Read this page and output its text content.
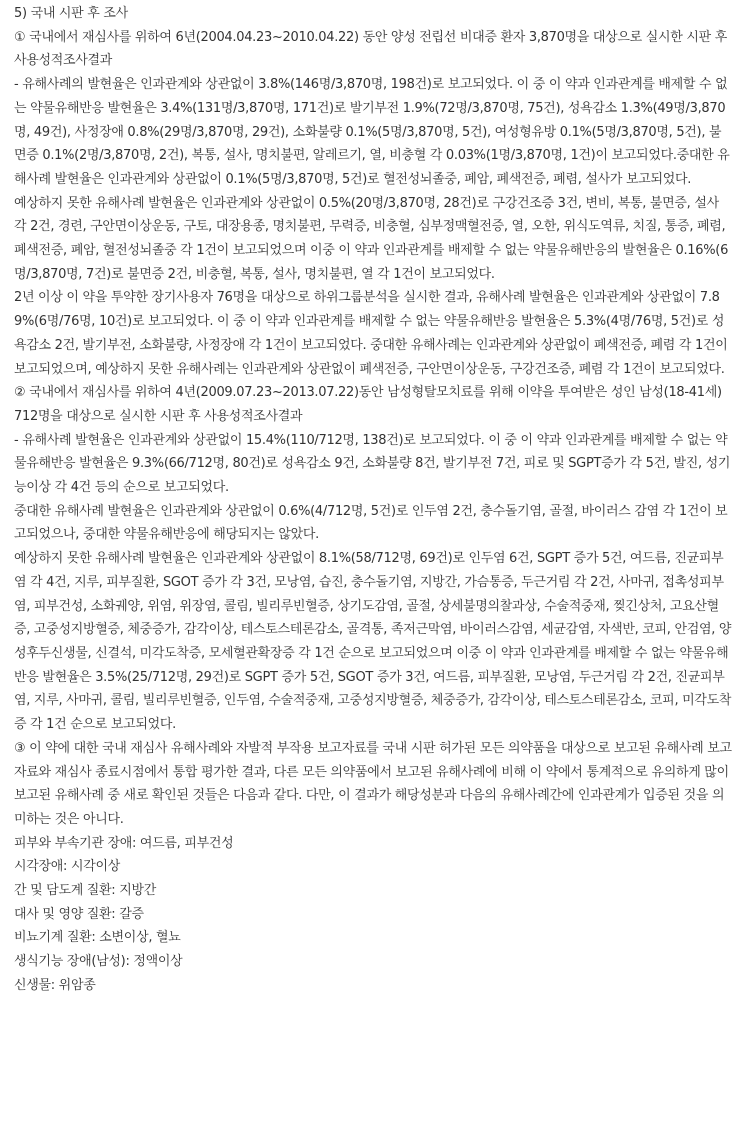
5) 국내 시판 후 조사

① 국내에서 재심사를 위하여 6년(2004.04.23~2010.04.22) 동안 양성 전립선 비대증 환자 3,870명을 대상으로 실시한 시판 후 사용성적조사결과

- 유해사례의 발현율은 인과관계와 상관없이 3.8%(146명/3,870명, 198건)로 보고되었다. 이 중 이 약과 인과관계를 배제할 수 없는 약물유해반응 발현율은 3.4%(131명/3,870명, 171건)로 발기부전 1.9%(72명/3,870명, 75건), 성욕감소 1.3%(49명/3,870명, 49건), 사정장애 0.8%(29명/3,870명, 29건), 소화불량 0.1%(5명/3,870명, 5건), 여성형유방 0.1%(5명/3,870명, 5건), 불면증 0.1%(2명/3,870명, 2건), 복통, 설사, 명치불편, 알레르기, 열, 비충혈 각 0.03%(1명/3,870명, 1건)이 보고되었다.중대한 유해사례 발현율은 인과관계와 상관없이 0.1%(5명/3,870명, 5건)로 혈전성뇌졸중, 폐암, 폐색전증, 폐렴, 설사가 보고되었다.

예상하지 못한 유해사례 발현율은 인과관계와 상관없이 0.5%(20명/3,870명, 28건)로 구강건조증 3건, 변비, 복통, 불면증, 설사 각 2건, 경련, 구안면이상운동, 구토, 대장용종, 명치불편, 무력증, 비충혈, 심부정맥혈전증, 열, 오한, 위식도역류, 치질, 통증, 폐렴, 폐색전증, 폐암, 혈전성뇌졸중 각 1건이 보고되었으며 이중 이 약과 인과관계를 배제할 수 없는 약물유해반응의 발현율은 0.16%(6명/3,870명, 7건)로 불면증 2건, 비충혈, 복통, 설사, 명치불편, 열 각 1건이 보고되었다.

2년 이상 이 약을 투약한 장기사용자 76명을 대상으로 하위그룹분석을 실시한 결과, 유해사례 발현율은 인과관계와 상관없이 7.89%(6명/76명, 10건)로 보고되었다. 이 중 이 약과 인과관계를 배제할 수 없는 약물유해반응 발현율은 5.3%(4명/76명, 5건)로 성욕감소 2건, 발기부전, 소화불량, 사정장애 각 1건이 보고되었다. 중대한 유해사례는 인과관계와 상관없이 폐색전증, 폐렴 각 1건이 보고되었으며, 예상하지 못한 유해사례는 인과관계와 상관없이 폐색전증, 구안면이상운동, 구강건조증, 폐렴 각 1건이 보고되었다.

② 국내에서 재심사를 위하여 4년(2009.07.23~2013.07.22)동안 남성형탈모치료를 위해 이약을 투여받은 성인 남성(18-41세) 712명을 대상으로 실시한 시판 후 사용성적조사결과

- 유해사례 발현율은 인과관계와 상관없이 15.4%(110/712명, 138건)로 보고되었다. 이 중 이 약과 인과관계를 배제할 수 없는 약물유해반응 발현율은 9.3%(66/712명, 80건)로 성욕감소 9건, 소화불량 8건, 발기부전 7건, 피로 및 SGPT증가 각 5건, 발진, 성기능이상 각 4건 등의 순으로 보고되었다.

중대한 유해사례 발현율은 인과관계와 상관없이 0.6%(4/712명, 5건)로 인두염 2건, 충수돌기염, 골절, 바이러스 감염 각 1건이 보고되었으나, 중대한 약물유해반응에 해당되지는 않았다.

예상하지 못한 유해사례 발현율은 인과관계와 상관없이 8.1%(58/712명, 69건)로 인두염 6건, SGPT 증가 5건, 여드름, 진균피부염 각 4건, 지루, 피부질환, SGOT 증가 각 3건, 모낭염, 습진, 충수돌기염, 지방간, 가슴통증, 두근거림 각 2건, 사마귀, 접촉성피부염, 피부건성, 소화궤양, 위염, 위장염, 콜림, 빌리루빈혈증, 상기도감염, 골절, 상세불명의찰과상, 수술적중재, 찢긴상처, 고요산혈증, 고중성지방혈증, 체중증가, 감각이상, 테스토스테론감소, 골격통, 족저근막염, 바이러스감염, 세균감염, 자색반, 코피, 안검염, 양성후두신생물, 신결석, 미각도착증, 모세혈관확장증 각 1건 순으로 보고되었으며 이중 이 약과 인과관계를 배제할 수 없는 약물유해반응 발현율은 3.5%(25/712명, 29건)로 SGPT 증가 5건, SGOT 증가 3건, 여드름, 피부질환, 모낭염, 두근거림 각 2건, 진균피부염, 지루, 사마귀, 콜림, 빌리루빈혈증, 인두염, 수술적중재, 고중성지방혈증, 체중증가, 감각이상, 테스토스테론감소, 코피, 미각도착증 각 1건 순으로 보고되었다.

③ 이 약에 대한 국내 재심사 유해사례와 자발적 부작용 보고자료를 국내 시판 허가된 모든 의약품을 대상으로 보고된 유해사례 보고자료와 재심사 종료시점에서 통합 평가한 결과, 다른 모든 의약품에서 보고된 유해사례에 비해 이 약에서 통계적으로 유의하게 많이 보고된 유해사례 중 새로 확인된 것들은 다음과 같다. 다만, 이 결과가 해당성분과 다음의 유해사례간에 인과관계가 입증된 것을 의미하는 것은 아니다.

피부와 부속기관 장애: 여드름, 피부건성

시각장애: 시각이상

간 및 담도계 질환: 지방간

대사 및 영양 질환: 갈증

비뇨기계 질환: 소변이상, 혈뇨

생식기능 장애(남성): 정액이상

신생물: 위암종
